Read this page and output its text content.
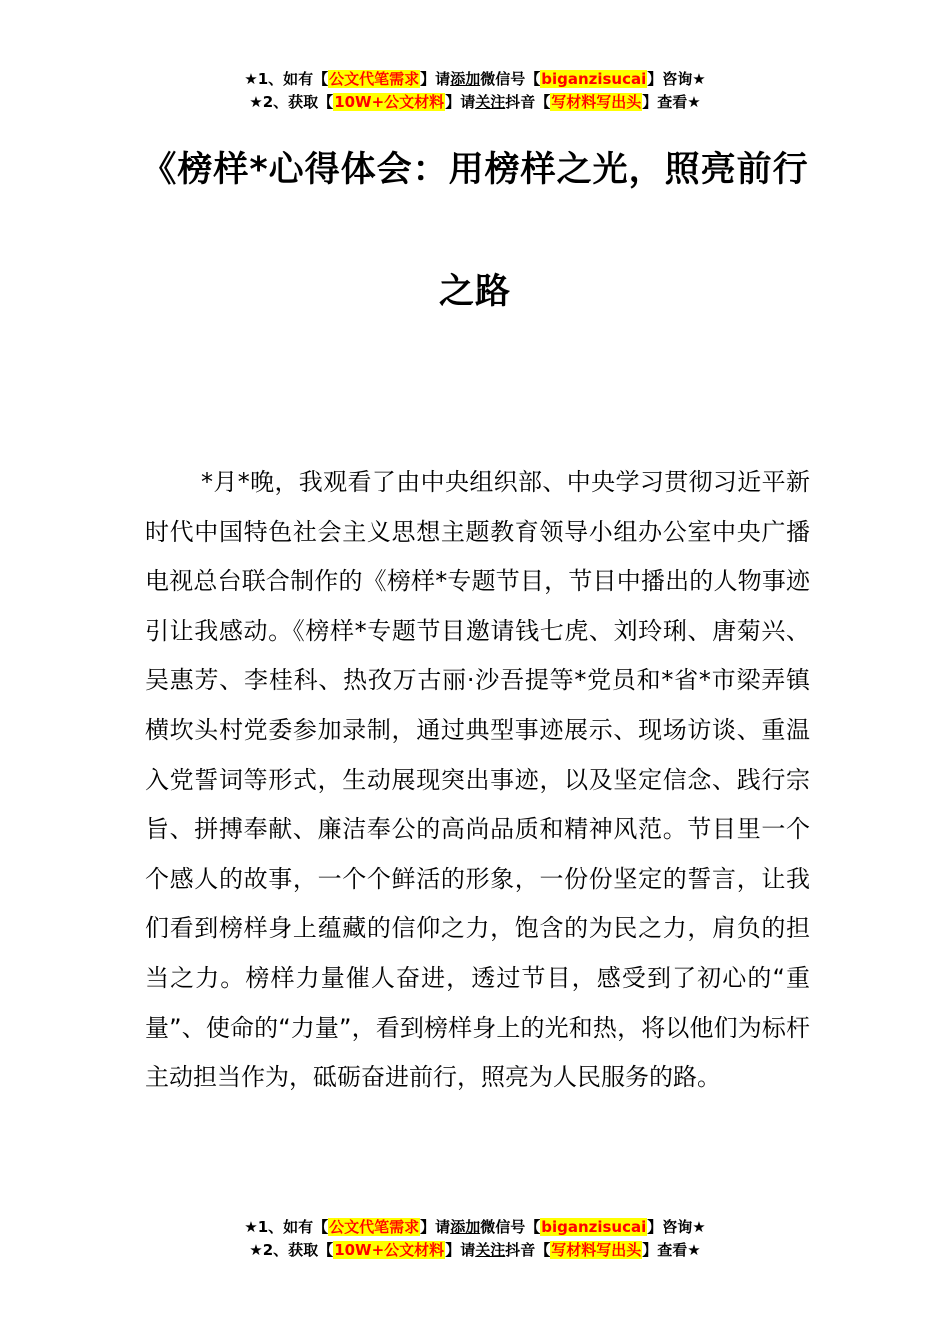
★1、如有【公文代笔需求】请添加微信号【biganzisucai】咨询★
★2、获取【10W+公文材料】请关注抖音【写材料写出头】查看★
《榜样*心得体会：用榜样之光，照亮前行
之路

*月*晚，我观看了由中央组织部、中央学习贯彻习近平新时代中国特色社会主义思想主题教育领导小组办公室中央广播电视总台联合制作的《榜样*专题节目，节目中播出的人物事迹引让我感动。《榜样*专题节目邀请钱七虎、刘玲琍、唐菊兴、吴惠芳、李桂科、热孜万古丽·沙吾提等*党员和*省*市梁弄镇横坎头村党委参加录制，通过典型事迹展示、现场访谈、重温入党誓词等形式，生动展现突出事迹，以及坚定信念、践行宗旨、拼搏奉献、廉洁奉公的高尚品质和精神风范。节目里一个个感人的故事，一个个鲜活的形象，一份份坚定的誓言，让我们看到榜样身上蕴藏的信仰之力，饱含的为民之力，肩负的担当之力。榜样力量催人奋进，透过节目，感受到了初心的“重量”、使命的“力量”，看到榜样身上的光和热，将以他们为标杆主动担当作为，砥砺奋进前行，照亮为人民服务的路。

★1、如有【公文代笔需求】请添加微信号【biganzisucai】咨询★
★2、获取【10W+公文材料】请关注抖音【写材料写出头】查看★
